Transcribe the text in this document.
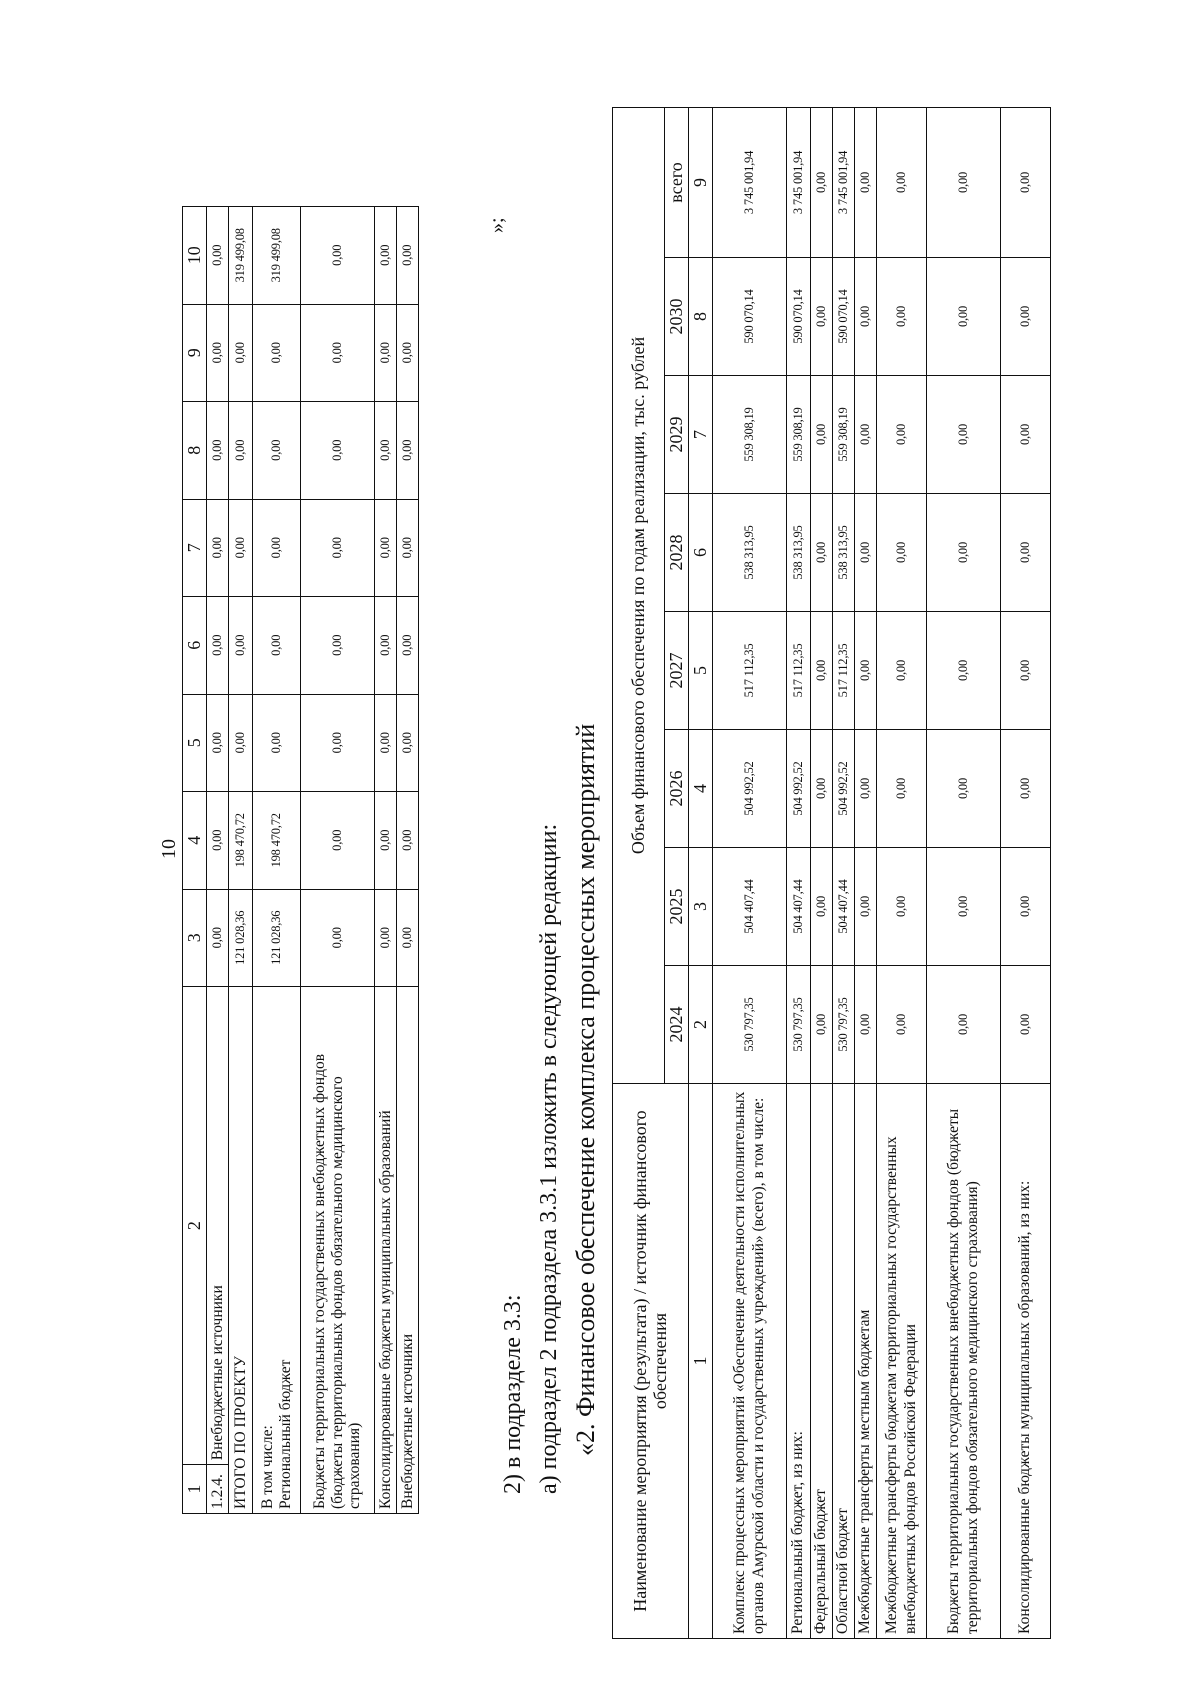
10
1	2	3	4	5	6	7	8	9	10
1.2.4.	Внебюджетные источники	0,00	0,00	0,00	0,00	0,00	0,00	0,00	0,00
ИТОГО ПО ПРОЕКТУ		121 028,36	198 470,72	0,00	0,00	0,00	0,00	0,00	319 499,08

В том числе: Региональный бюджет		121 028,36	198 470,72	0,00	0,00	0,00	0,00	0,00	319 499,08
Бюджеты территориальных государственных внебюджетных фондов (бюджеты территориальных фондов обязательного медицинского страхования)		0,00	0,00	0,00	0,00	0,00	0,00	0,00	0,00
Консолидированные бюджеты муниципальных образований		0,00	0,00	0,00	0,00	0,00	0,00	0,00	0,00
Внебюджетные источники		0,00	0,00	0,00	0,00	0,00	0,00	0,00	0,00
»;
2) в подразделе 3.3: а) подраздел 2 подраздела 3.3.1 изложить в следующей редакции: «2. Финансовое обеспечение комплекса процессных мероприятий Наименование мероприятия (результата) / источник финансового обеспечения	Объем финансового обеспечения по годам реализации, тыс. рублей							
	2024	2025	2026	2027	2028	2029	2030	всего
1	2	3	4	5	6	7	8	9
Комплекс процессных мероприятий «Обеспечение деятельности исполнительных органов Амурской области и государственных учреждений» (всего), в том числе:	530 797,35	504 407,44	504 992,52	517 112,35	538 313,95	559 308,19	590 070,14	3 745 001,94
Региональный бюджет, из них:	530 797,35	504 407,44	504 992,52	517 112,35	538 313,95	559 308,19	590 070,14	3 745 001,94
Федеральный бюджет	0,00	0,00	0,00	0,00	0,00	0,00	0,00	0,00
Областной бюджет	530 797,35	504 407,44	504 992,52	517 112,35	538 313,95	559 308,19	590 070,14	3 745 001,94
Межбюджетные трансферты местным бюджетам	0,00	0,00	0,00	0,00	0,00	0,00	0,00	0,00
Межбюджетные трансферты бюджетам территориальных государственных внебюджетных фондов Российской Федерации	0,00	0,00	0,00	0,00	0,00	0,00	0,00	0,00
Бюджеты территориальных государственных внебюджетных фондов (бюджеты территориальных фондов обязательного медицинского страхования)	0,00	0,00	0,00	0,00	0,00	0,00	0,00	0,00
Консолидированные бюджеты муниципальных образований, из них:	0,00	0,00	0,00	0,00	0,00	0,00	0,00	0,00
